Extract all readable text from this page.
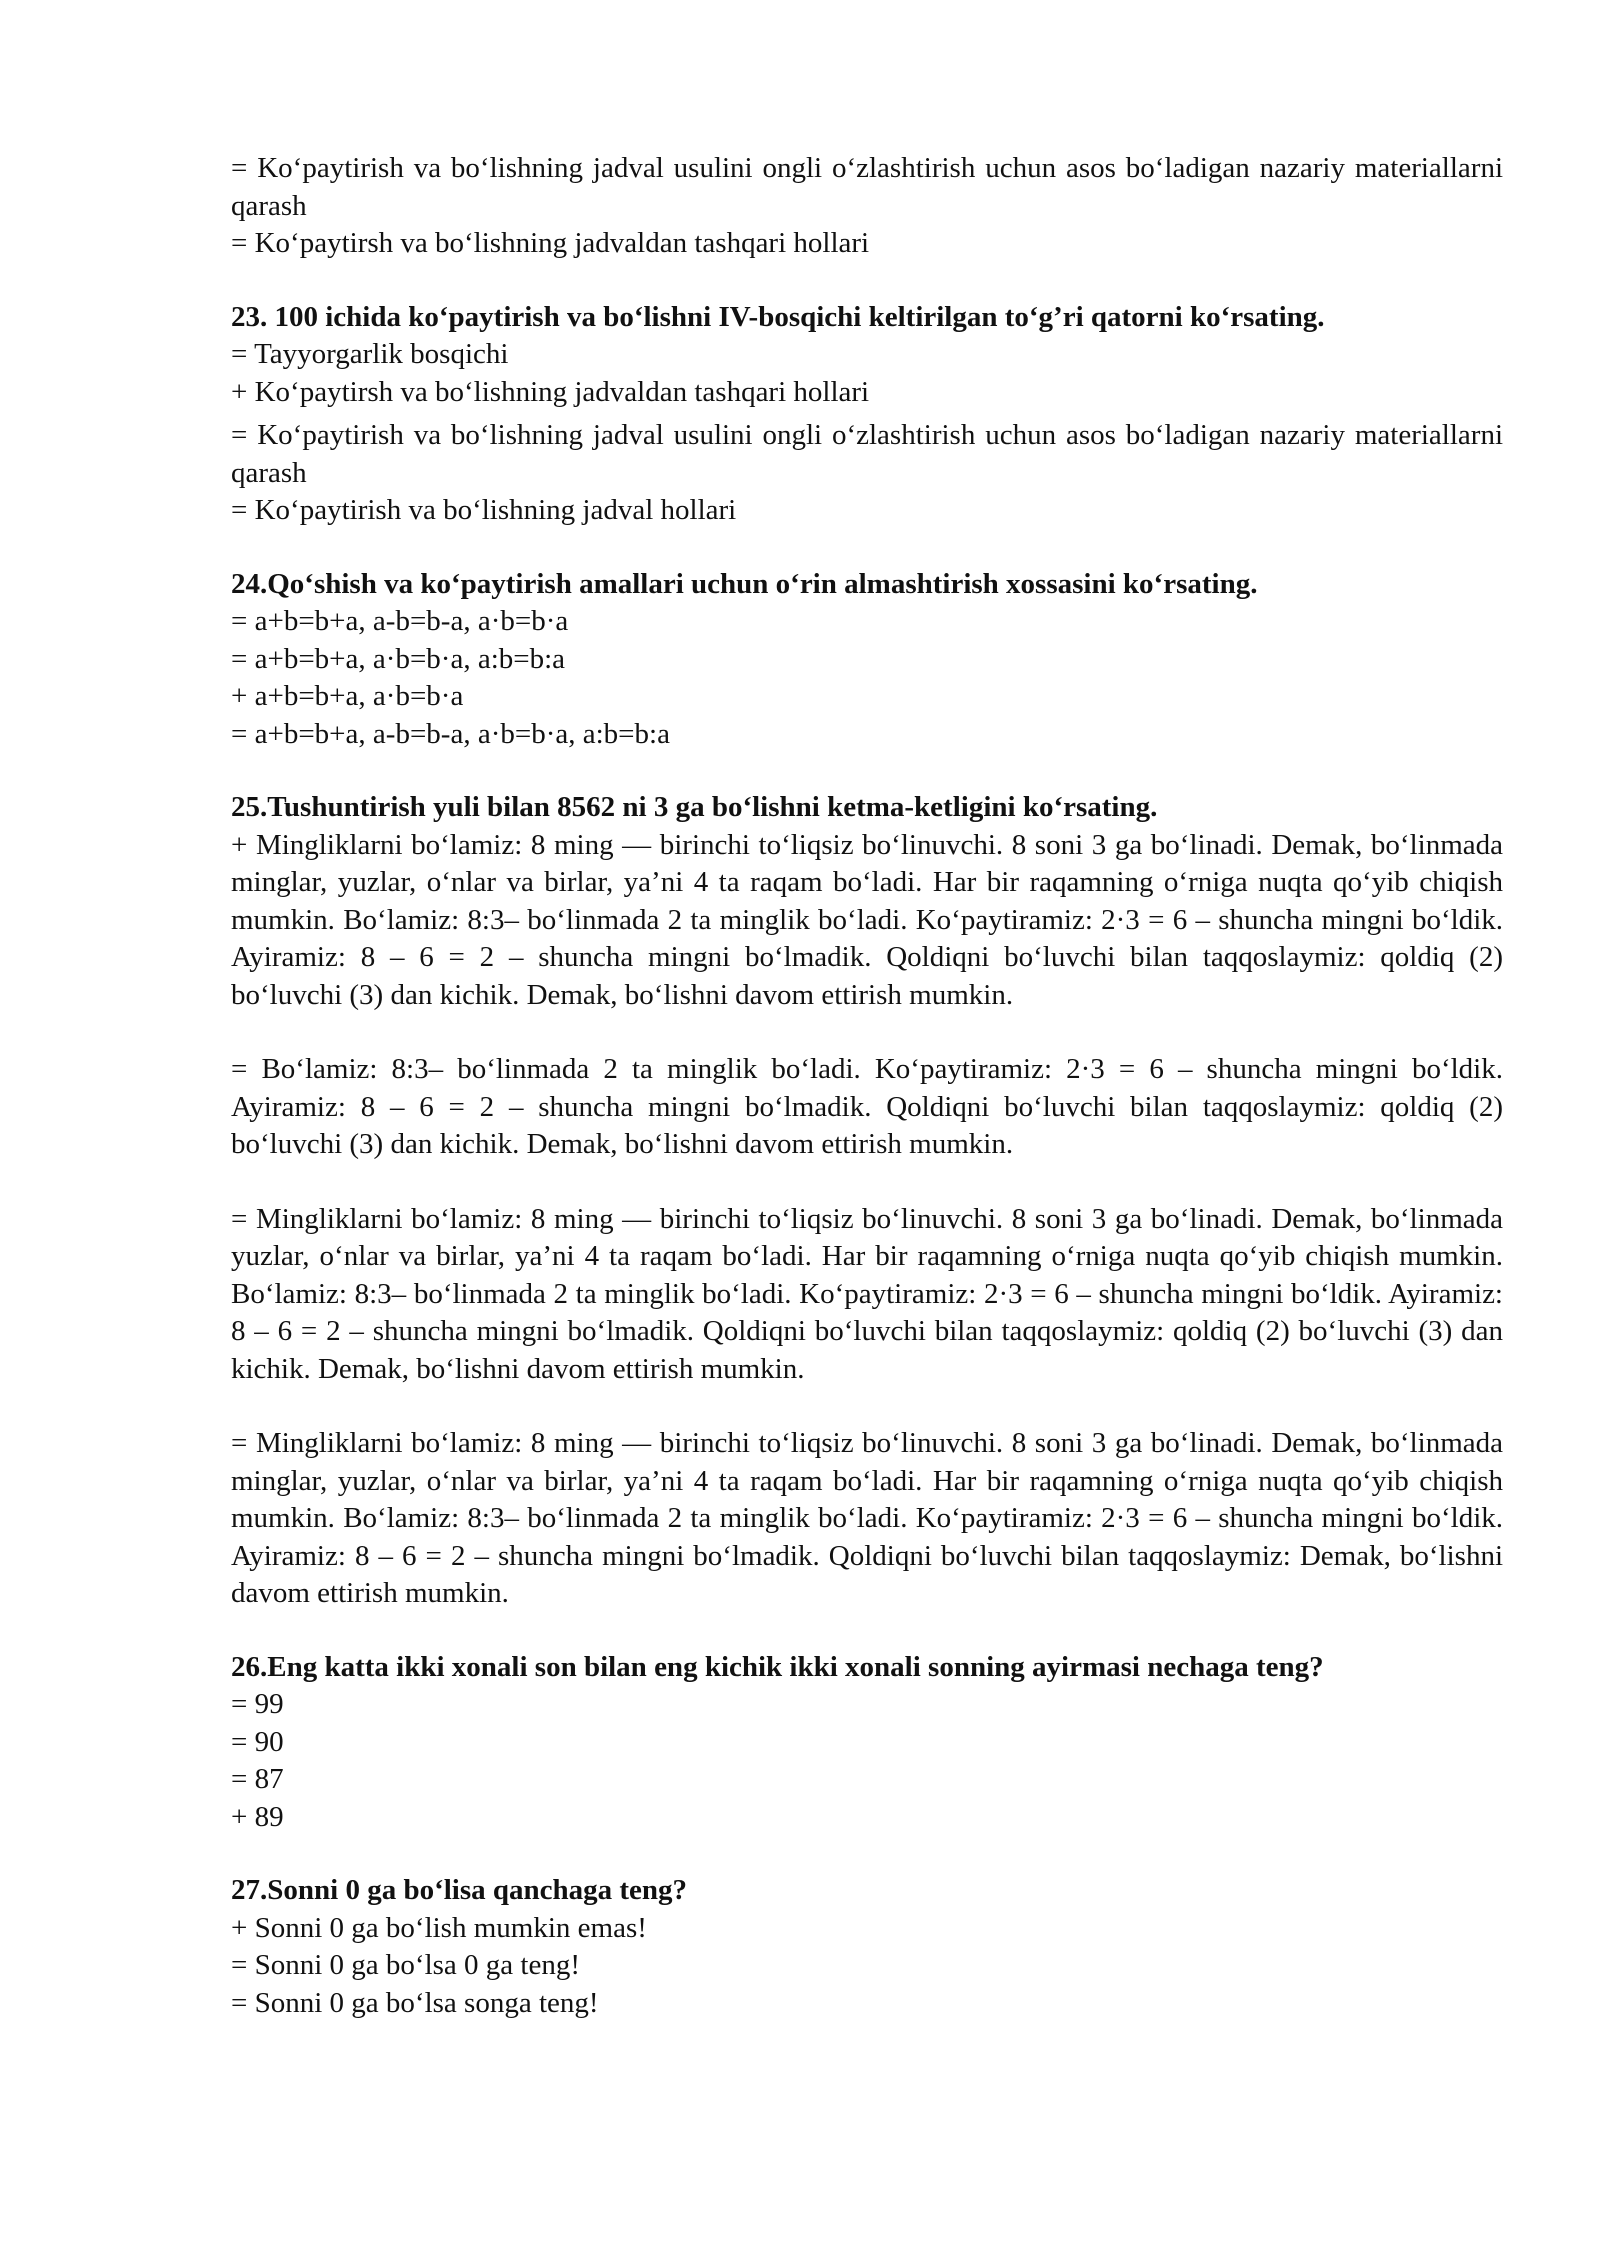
= Ko‘paytirish va bo‘lishning jadval usulini ongli o‘zlashtirish uchun asos bo‘ladigan nazariy materiallarni qarash

= Ko‘paytirsh va bo‘lishning jadvaldan tashqari hollari

23. 100 ichida ko‘paytirish va bo‘lishni IV-bosqichi keltirilgan to‘g’ri qatorni ko‘rsating.

= Tayyorgarlik bosqichi

+ Ko‘paytirsh va bo‘lishning jadvaldan tashqari hollari

= Ko‘paytirish va bo‘lishning jadval usulini ongli o‘zlashtirish uchun asos bo‘ladigan nazariy materiallarni qarash

= Ko‘paytirish va bo‘lishning jadval hollari

24.Qo‘shish va ko‘paytirish amallari uchun o‘rin almashtirish xossasini ko‘rsating.

= a+b=b+a, a-b=b-a, a·b=b·a

= a+b=b+a, a·b=b·a, a:b=b:a

+ a+b=b+a, a·b=b·a

= a+b=b+a, a-b=b-a, a·b=b·a, a:b=b:a

25.Tushuntirish yuli bilan 8562 ni 3 ga bo‘lishni ketma-ketligini ko‘rsating.

+ Mingliklarni bo‘lamiz: 8 ming — birinchi to‘liqsiz bo‘linuvchi. 8 soni 3 ga bo‘linadi. Demak, bo‘linmada minglar, yuzlar, o‘nlar va birlar, ya’ni 4 ta raqam bo‘ladi. Har bir raqamning o‘rniga nuqta qo‘yib chiqish mumkin. Bo‘lamiz: 8:3– bo‘linmada 2 ta minglik bo‘ladi. Ko‘paytiramiz: 2·3 = 6 – shuncha mingni bo‘ldik. Ayiramiz: 8 – 6 = 2 – shuncha mingni bo‘lmadik. Qoldiqni bo‘luvchi bilan taqqoslaymiz: qoldiq (2) bo‘luvchi (3) dan kichik. Demak, bo‘lishni davom ettirish mumkin.

= Bo‘lamiz: 8:3– bo‘linmada 2 ta minglik bo‘ladi. Ko‘paytiramiz: 2·3 = 6 – shuncha mingni bo‘ldik. Ayiramiz: 8 – 6 = 2 – shuncha mingni bo‘lmadik. Qoldiqni bo‘luvchi bilan taqqoslaymiz: qoldiq (2) bo‘luvchi (3) dan kichik. Demak, bo‘lishni davom ettirish mumkin.

= Mingliklarni bo‘lamiz: 8 ming — birinchi to‘liqsiz bo‘linuvchi. 8 soni 3 ga bo‘linadi. Demak, bo‘linmada yuzlar, o‘nlar va birlar, ya’ni 4 ta raqam bo‘ladi. Har bir raqamning o‘rniga nuqta qo‘yib chiqish mumkin. Bo‘lamiz: 8:3– bo‘linmada 2 ta minglik bo‘ladi. Ko‘paytiramiz: 2·3 = 6 – shuncha mingni bo‘ldik. Ayiramiz: 8 – 6 = 2 – shuncha mingni bo‘lmadik. Qoldiqni bo‘luvchi bilan taqqoslaymiz: qoldiq (2) bo‘luvchi (3) dan kichik. Demak, bo‘lishni davom ettirish mumkin.

= Mingliklarni bo‘lamiz: 8 ming — birinchi to‘liqsiz bo‘linuvchi. 8 soni 3 ga bo‘linadi. Demak, bo‘linmada minglar, yuzlar, o‘nlar va birlar, ya’ni 4 ta raqam bo‘ladi. Har bir raqamning o‘rniga nuqta qo‘yib chiqish mumkin. Bo‘lamiz: 8:3– bo‘linmada 2 ta minglik bo‘ladi. Ko‘paytiramiz: 2·3 = 6 – shuncha mingni bo‘ldik. Ayiramiz: 8 – 6 = 2 – shuncha mingni bo‘lmadik. Qoldiqni bo‘luvchi bilan taqqoslaymiz: Demak, bo‘lishni davom ettirish mumkin.

26.Eng katta ikki xonali son bilan eng kichik ikki xonali sonning ayirmasi nechaga teng?

= 99

= 90

= 87

+ 89

27.Sonni 0 ga bo‘lisa qanchaga teng?

+ Sonni 0 ga bo‘lish mumkin emas!

= Sonni 0 ga bo‘lsa 0 ga teng!

= Sonni 0 ga bo‘lsa songa teng!
